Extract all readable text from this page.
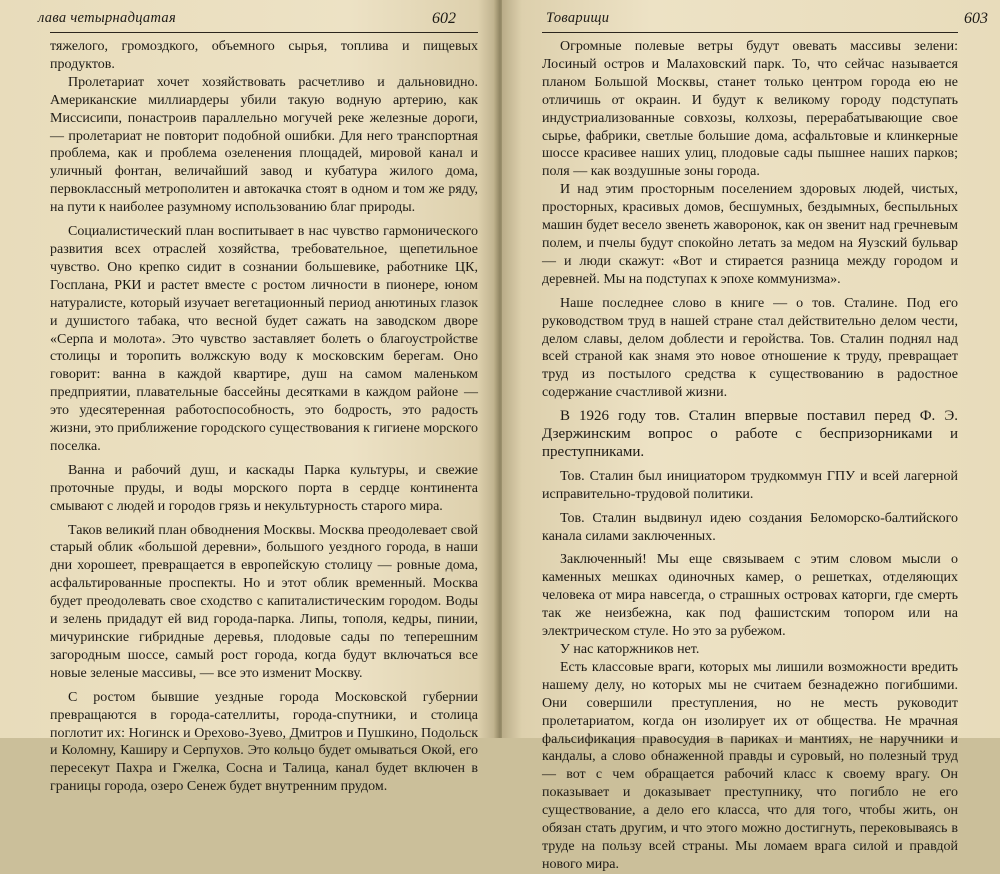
лава четырнадцатая	602

тяжелого, громоздкого, объемного сырья, топлива и пищевых продуктов.

Пролетариат хочет хозяйствовать расчетливо и дальновидно. Американские миллиардеры убили такую водную артерию, как Миссисипи, понастроив параллельно могучей реке железные дороги, — пролетариат не повторит подобной ошибки. Для него транспортная проблема, как и проблема озеленения площадей, мировой канал и уличный фонтан, величайший завод и кубатура жилого дома, первоклассный метрополитен и автокачка стоят в одном и том же ряду, на пути к наиболее разумному использованию благ природы.

Социалистический план воспитывает в нас чувство гармонического развития всех отраслей хозяйства, требовательное, щепетильное чувство. Оно крепко сидит в сознании большевике, работнике ЦК, Госплана, РКИ и растет вместе с ростом личности в пионере, юном натуралисте, который изучает вегетационный период анютиных глазок и душистого табака, что весной будет сажать на заводском дворе «Серпа и молота». Это чувство заставляет болеть о благоустройстве столицы и торопить волжскую воду к московским берегам. Оно говорит: ванна в каждой квартире, душ на самом маленьком предприятии, плавательные бассейны десятками в каждом районе — это удесятеренная работоспособность, это бодрость, это радость жизни, это приближение городского существования к гигиене морского поселка.

Ванна и рабочий душ, и каскады Парка культуры, и свежие проточные пруды, и воды морского порта в сердце континента смывают с людей и городов грязь и некультурность старого мира.

Таков великий план обводнения Москвы. Москва преодолевает свой старый облик «большой деревни», большого уездного города, в наши дни хорошеет, превращается в европейскую столицу — ровные дома, асфальтированные проспекты. Но и этот облик временный. Москва будет преодолевать свое сходство с капиталистическим городом. Воды и зелень придадут ей вид города-парка. Липы, тополя, кедры, пинии, мичуринские гибридные деревья, плодовые сады по теперешним загородным шоссе, самый рост города, когда будут включаться все новые зеленые массивы, — все это изменит Москву.

С ростом бывшие уездные города Московской губернии превращаются в города-сателлиты, города-спутники, и столица поглотит их: Ногинск и Орехово-Зуево, Дмитров и Пушкино, Подольск и Коломну, Каширу и Серпухов. Это кольцо будет омываться Окой, его пересекут Пахра и Гжелка, Сосна и Талица, канал будет включен в границы города, озеро Сенеж будет внутренним прудом.

Товарищи	603

Огромные полевые ветры будут овевать массивы зелени: Лосиный остров и Малаховский парк. То, что сейчас называется планом Большой Москвы, станет только центром города ею не отличишь от окраин. И будут к великому городу подступать индустриализованные совхозы, колхозы, перерабатывающие свое сырье, фабрики, светлые большие дома, асфальтовые и клинкерные шоссе красивее наших улиц, плодовые сады пышнее наших парков; поля — как воздушные зоны города.

И над этим просторным поселением здоровых людей, чистых, просторных, красивых домов, бесшумных, бездымных, беспыльных машин будет весело звенеть жаворонок, как он звенит над гречневым полем, и пчелы будут спокойно летать за медом на Яузский бульвар — и люди скажут: «Вот и стирается разница между городом и деревней. Мы на подступах к эпохе коммунизма».

Наше последнее слово в книге — о тов. Сталине. Под его руководством труд в нашей стране стал действительно делом чести, делом славы, делом доблести и геройства. Тов. Сталин поднял над всей страной как знамя это новое отношение к труду, превращает труд из постылого средства к существованию в радостное содержание счастливой жизни.

В 1926 году тов. Сталин впервые поставил перед Ф. Э. Дзержинским вопрос о работе с беспризорниками и преступниками.

Тов. Сталин был инициатором трудкоммун ГПУ и всей лагерной исправительно-трудовой политики.

Тов. Сталин выдвинул идею создания Беломорско-балтийского канала силами заключенных.

Заключенный! Мы еще связываем с этим словом мысли о каменных мешках одиночных камер, о решетках, отделяющих человека от мира навсегда, о страшных островах каторги, где смерть так же неизбежна, как под фашистским топором или на электрическом стуле. Но это за рубежом.

У нас каторжников нет.

Есть классовые враги, которых мы лишили возможности вредить нашему делу, но которых мы не считаем безнадежно погибшими. Они совершили преступления, но не месть руководит пролетариатом, когда он изолирует их от общества. Не мрачная фальсификация правосудия в париках и мантиях, не наручники и кандалы, а слово обнаженной правды и суровый, но полезный труд — вот с чем обращается рабочий класс к своему врагу. Он показывает и доказывает преступнику, что погибло не его существование, а дело его класса, что для того, чтобы жить, он обязан стать другим, и что этого можно достигнуть, перековываясь в труде на пользу всей страны. Мы ломаем врага силой и правдой нового мира.
